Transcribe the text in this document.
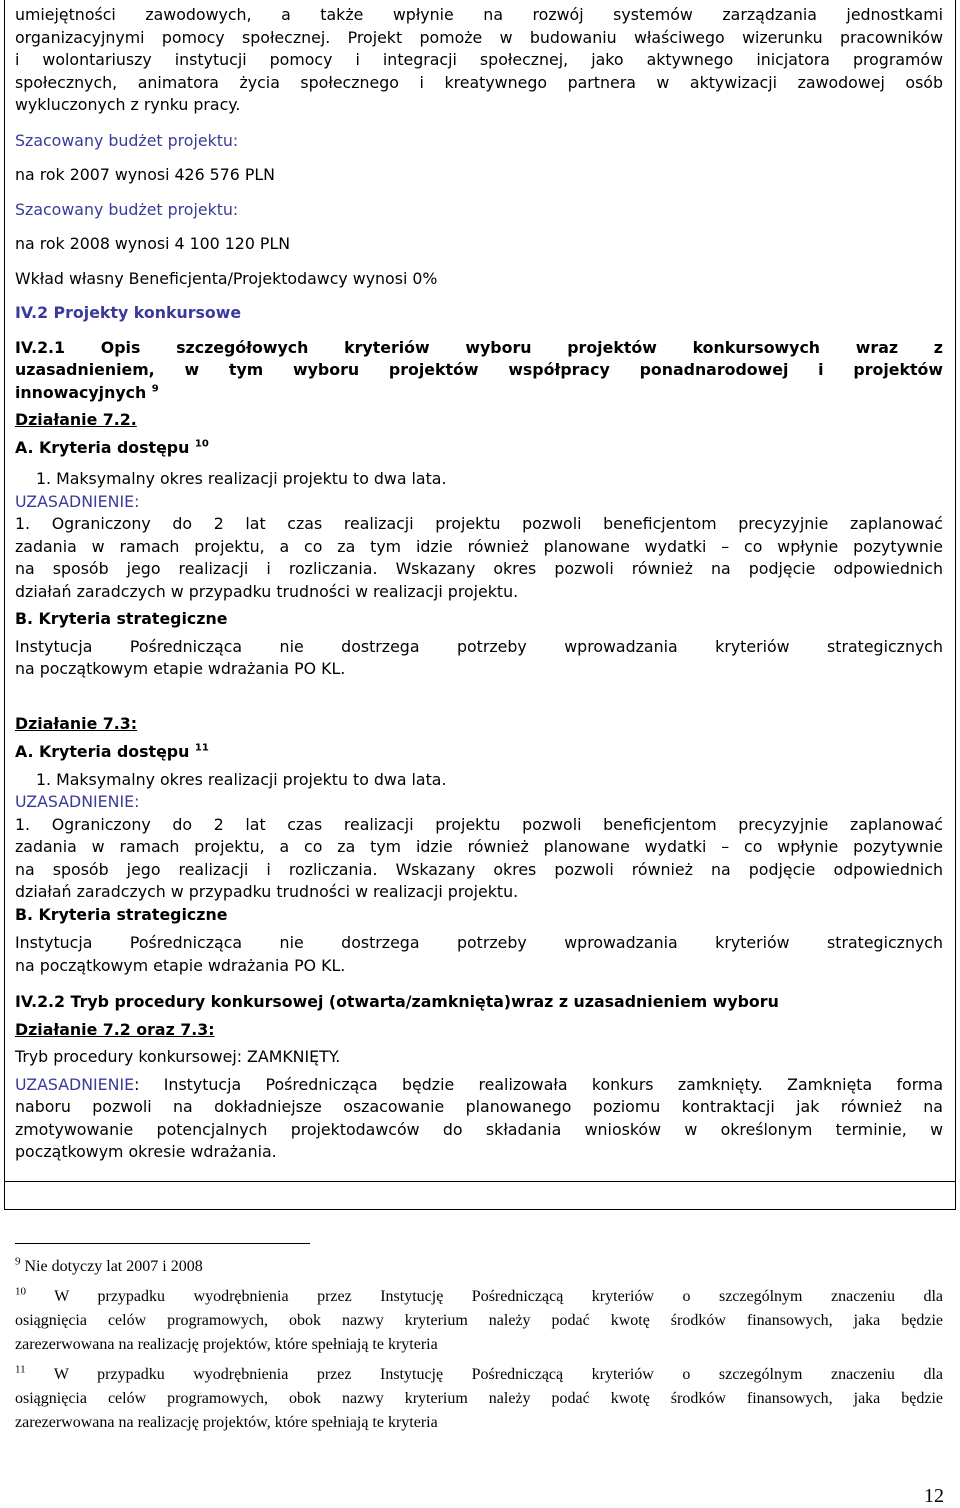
umiejętności zawodowych, a także wpłynie na rozwój systemów zarządzania jednostkami

organizacyjnymi pomocy społecznej. Projekt pomoże w budowaniu właściwego wizerunku pracowników

i wolontariuszy instytucji pomocy i integracji społecznej, jako aktywnego inicjatora programów

społecznych, animatora życia społecznego i kreatywnego partnera w aktywizacji zawodowej osób

wykluczonych z rynku pracy.

Szacowany budżet projektu:

na rok 2007 wynosi 426 576 PLN

Szacowany budżet projektu:

na rok 2008 wynosi 4 100 120 PLN

Wkład własny Beneficjenta/Projektodawcy wynosi 0%

IV.2 Projekty konkursowe

IV.2.1 Opis szczegółowych kryteriów wyboru projektów konkursowych wraz z

uzasadnieniem, w tym wyboru projektów współpracy ponadnarodowej i projektów

innowacyjnych $^9$

Działanie 7.2.

A. Kryteria dostępu $^{10}$

1. Maksymalny okres realizacji projektu to dwa lata.

UZASADNIENIE:

1. Ograniczony do 2 lat czas realizacji projektu pozwoli beneficjentom precyzyjnie zaplanować

zadania w ramach projektu, a co za tym idzie również planowane wydatki – co wpłynie pozytywnie

na sposób jego realizacji i rozliczania. Wskazany okres pozwoli również na podjęcie odpowiednich

działań zaradczych w przypadku trudności w realizacji projektu.

B. Kryteria strategiczne

Instytucja Pośrednicząca nie dostrzega potrzeby wprowadzania kryteriów strategicznych

na początkowym etapie wdrażania PO KL.

Działanie 7.3:

A. Kryteria dostępu $^{11}$

1. Maksymalny okres realizacji projektu to dwa lata.

UZASADNIENIE:

1. Ograniczony do 2 lat czas realizacji projektu pozwoli beneficjentom precyzyjnie zaplanować

zadania w ramach projektu, a co za tym idzie również planowane wydatki – co wpłynie pozytywnie

na sposób jego realizacji i rozliczania. Wskazany okres pozwoli również na podjęcie odpowiednich

działań zaradczych w przypadku trudności w realizacji projektu.

B. Kryteria strategiczne

Instytucja Pośrednicząca nie dostrzega potrzeby wprowadzania kryteriów strategicznych

na początkowym etapie wdrażania PO KL.

IV.2.2 Tryb procedury konkursowej (otwarta/zamknięta)wraz z uzasadnieniem wyboru

Działanie 7.2 oraz 7.3:

Tryb procedury konkursowej: ZAMKNIĘTY.

UZASADNIENIE: Instytucja Pośrednicząca będzie realizowała konkurs zamknięty. Zamknięta forma

naboru pozwoli na dokładniejsze oszacowanie planowanego poziomu kontraktacji jak również na

zmotywowanie potencjalnych projektodawców do składania wniosków w określonym terminie, w

początkowym okresie wdrażania.

$^9$ Nie dotyczy lat 2007 i 2008

$^{10}$ W przypadku wyodrębnienia przez Instytucję Pośredniczącą kryteriów o szczególnym znaczeniu dla

osiągnięcia celów programowych, obok nazwy kryterium należy podać kwotę środków finansowych, jaka będzie

zarezerwowana na realizację projektów, które spełniają te kryteria

$^{11}$ W przypadku wyodrębnienia przez Instytucję Pośredniczącą kryteriów o szczególnym znaczeniu dla

osiągnięcia celów programowych, obok nazwy kryterium należy podać kwotę środków finansowych, jaka będzie

zarezerwowana na realizację projektów, które spełniają te kryteria

12
